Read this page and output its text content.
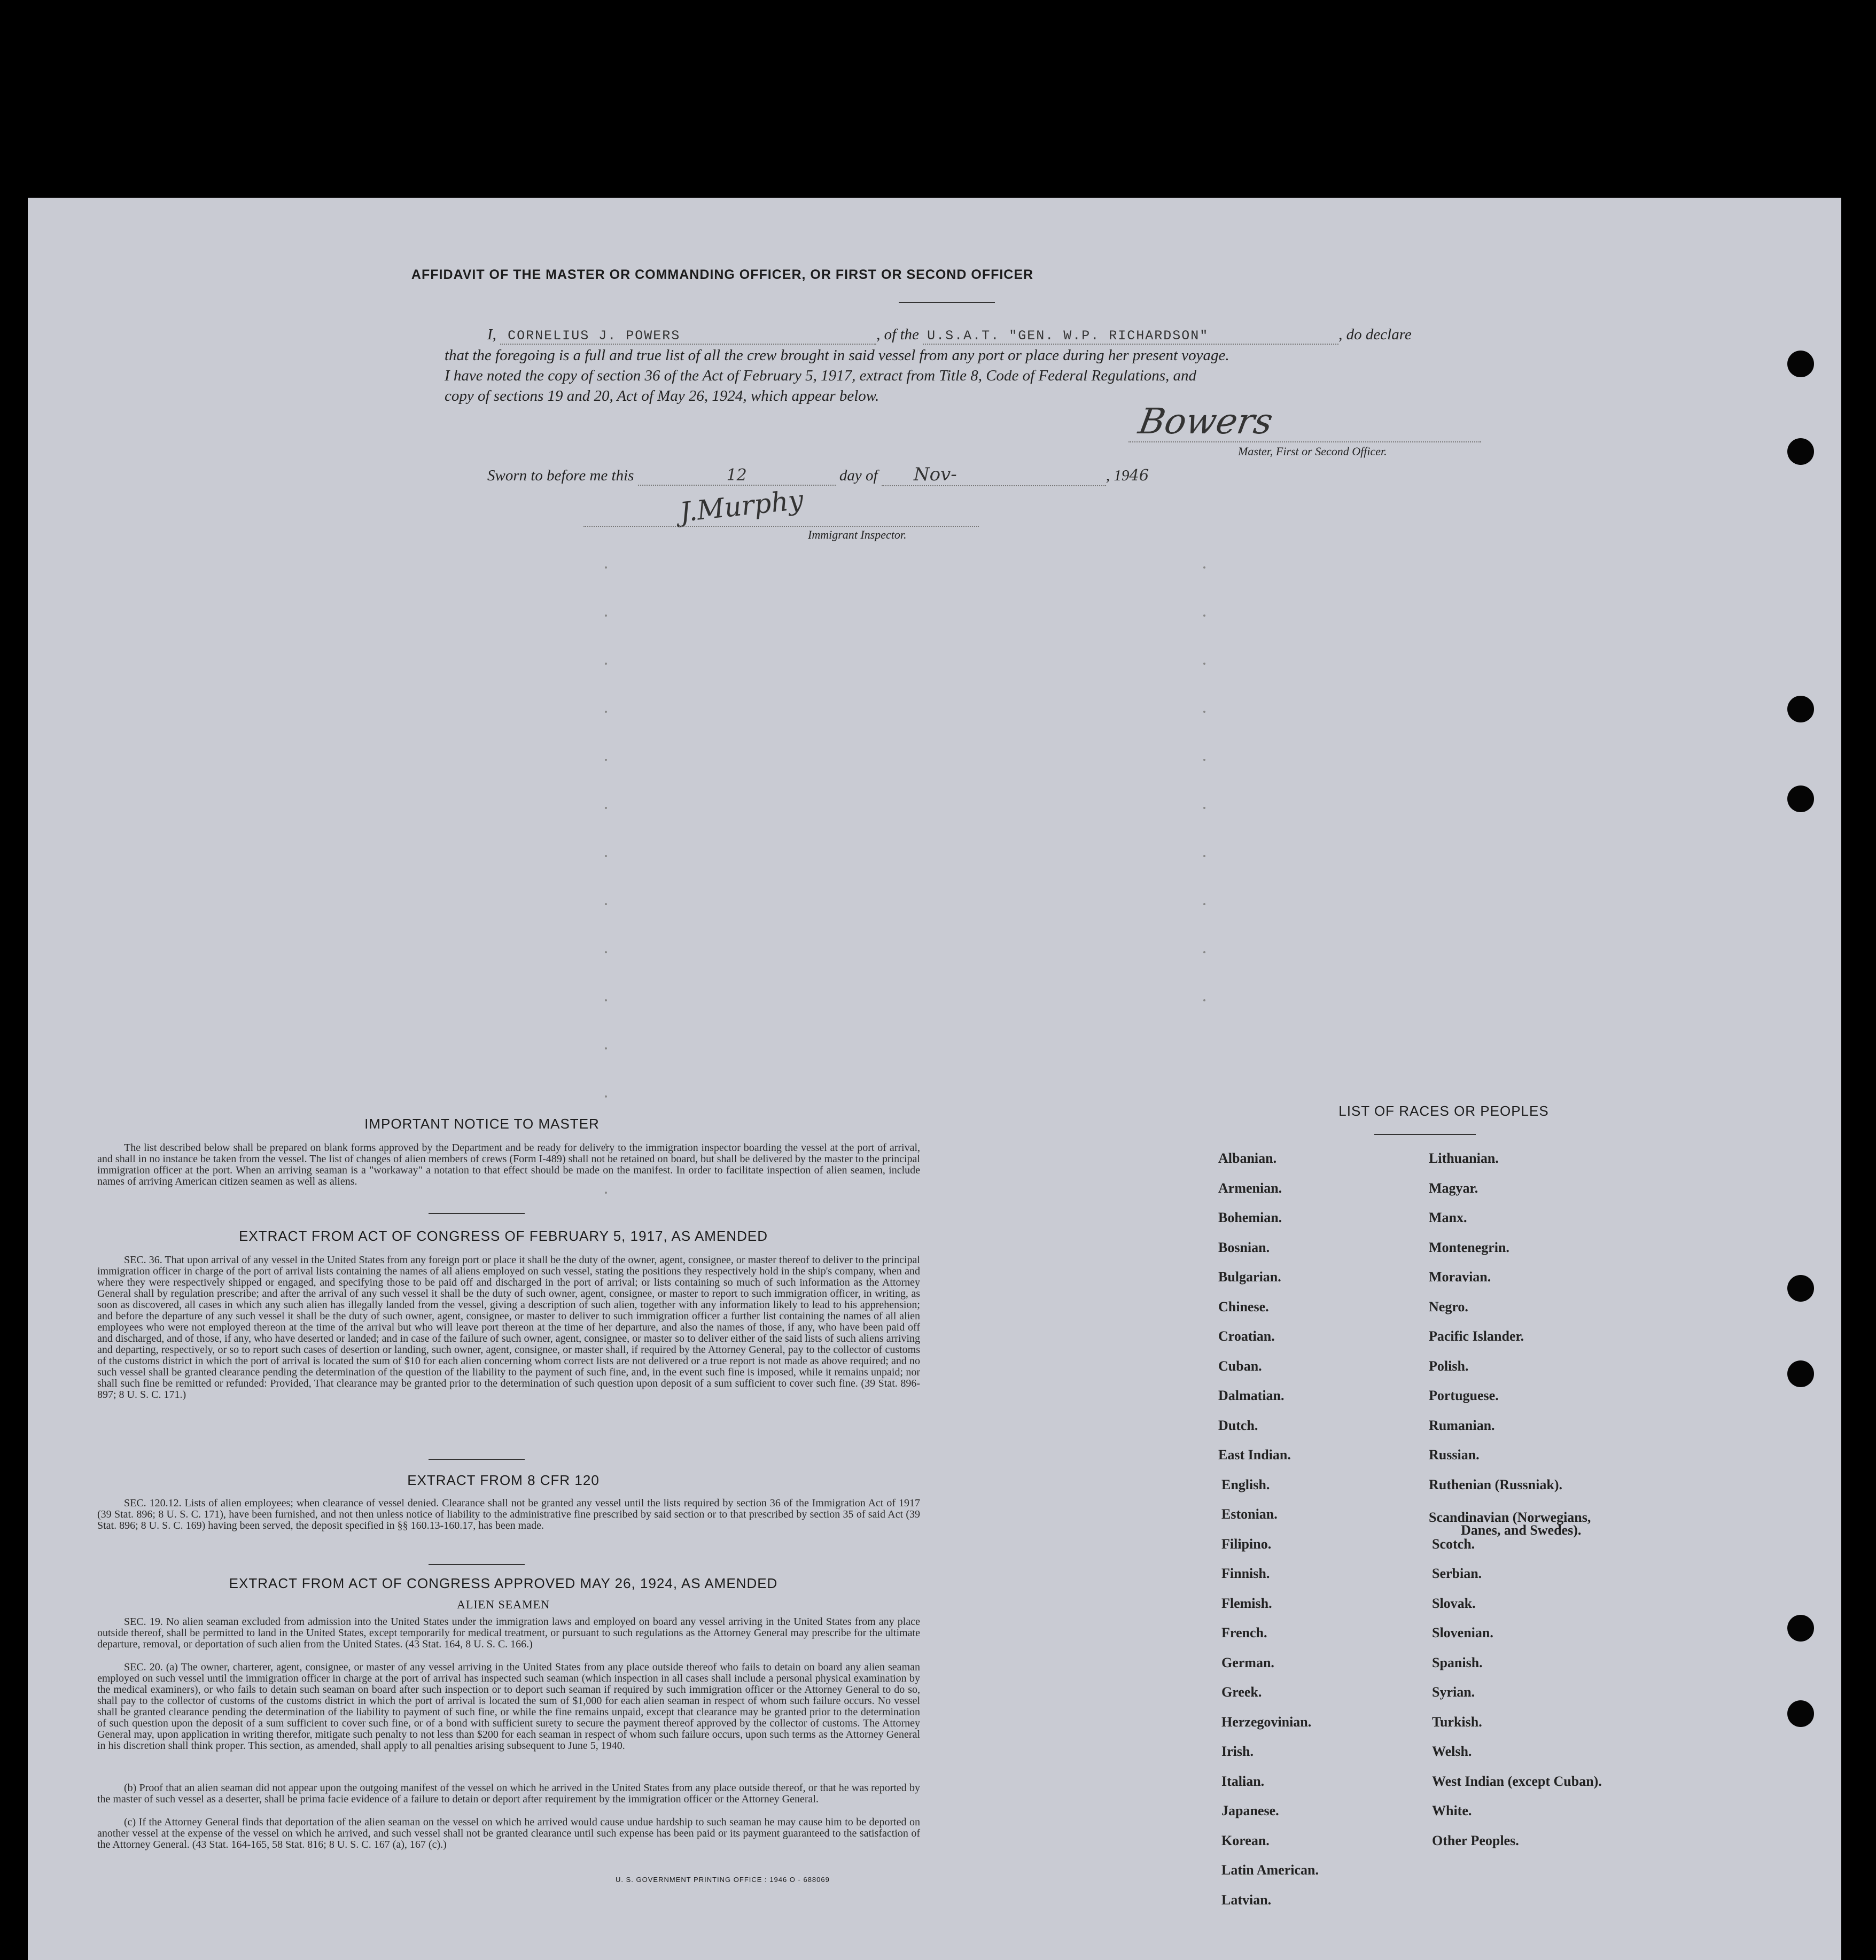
AFFIDAVIT OF THE MASTER OR COMMANDING OFFICER, OR FIRST OR SECOND OFFICER
I, CORNELIUS J. POWERS	, of the U.S.A.T. "GEN. W.P. RICHARDSON"	, do declare
that the foregoing is a full and true list of all the crew brought in said vessel from any port or place during her present voyage.
I have noted the copy of section 36 of the Act of February 5, 1917, extract from Title 8, Code of Federal Regulations, and
copy of sections 19 and 20, Act of May 26, 1924, which appear below.
Bowers
Master, First or Second Officer.
Sworn to before me this	12	day of Nov-	, 1946
J.Murphy
Immigrant Inspector.
IMPORTANT NOTICE TO MASTER
The list described below shall be prepared on blank forms approved by the Department and be ready for delivery to the immigration inspector boarding the vessel at the port of arrival, and shall in no instance be taken from the vessel. The list of changes of alien members of crews (Form I-489) shall not be retained on board, but shall be delivered by the master to the principal immigration officer at the port. When an arriving seaman is a "workaway" a notation to that effect should be made on the manifest. In order to facilitate inspection of alien seamen, include names of arriving American citizen seamen as well as aliens.
EXTRACT FROM ACT OF CONGRESS OF FEBRUARY 5, 1917, AS AMENDED
SEC. 36. That upon arrival of any vessel in the United States from any foreign port or place it shall be the duty of the owner, agent, consignee, or master thereof to deliver to the principal immigration officer in charge of the port of arrival lists containing the names of all aliens employed on such vessel, stating the positions they respectively hold in the ship's company, when and where they were respectively shipped or engaged, and specifying those to be paid off and discharged in the port of arrival; or lists containing so much of such information as the Attorney General shall by regulation prescribe; and after the arrival of any such vessel it shall be the duty of such owner, agent, consignee, or master to report to such immigration officer, in writing, as soon as discovered, all cases in which any such alien has illegally landed from the vessel, giving a description of such alien, together with any information likely to lead to his apprehension; and before the departure of any such vessel it shall be the duty of such owner, agent, consignee, or master to deliver to such immigration officer a further list containing the names of all alien employees who were not employed thereon at the time of the arrival but who will leave port thereon at the time of her departure, and also the names of those, if any, who have been paid off and discharged, and of those, if any, who have deserted or landed; and in case of the failure of such owner, agent, consignee, or master so to deliver either of the said lists of such aliens arriving and departing, respectively, or so to report such cases of desertion or landing, such owner, agent, consignee, or master shall, if required by the Attorney General, pay to the collector of customs of the customs district in which the port of arrival is located the sum of $10 for each alien concerning whom correct lists are not delivered or a true report is not made as above required; and no such vessel shall be granted clearance pending the determination of the question of the liability to the payment of such fine, and, in the event such fine is imposed, while it remains unpaid; nor shall such fine be remitted or refunded: Provided, That clearance may be granted prior to the determination of such question upon deposit of a sum sufficient to cover such fine. (39 Stat. 896-897; 8 U. S. C. 171.)
EXTRACT FROM 8 CFR 120
SEC. 120.12. Lists of alien employees; when clearance of vessel denied. Clearance shall not be granted any vessel until the lists required by section 36 of the Immigration Act of 1917 (39 Stat. 896; 8 U. S. C. 171), have been furnished, and not then unless notice of liability to the administrative fine prescribed by said section or to that prescribed by section 35 of said Act (39 Stat. 896; 8 U. S. C. 169) having been served, the deposit specified in §§ 160.13-160.17, has been made.
EXTRACT FROM ACT OF CONGRESS APPROVED MAY 26, 1924, AS AMENDED
ALIEN SEAMEN
SEC. 19. No alien seaman excluded from admission into the United States under the immigration laws and employed on board any vessel arriving in the United States from any place outside thereof, shall be permitted to land in the United States, except temporarily for medical treatment, or pursuant to such regulations as the Attorney General may prescribe for the ultimate departure, removal, or deportation of such alien from the United States. (43 Stat. 164, 8 U. S. C. 166.)
SEC. 20. (a) The owner, charterer, agent, consignee, or master of any vessel arriving in the United States from any place outside thereof who fails to detain on board any alien seaman employed on such vessel until the immigration officer in charge at the port of arrival has inspected such seaman (which inspection in all cases shall include a personal physical examination by the medical examiners), or who fails to detain such seaman on board after such inspection or to deport such seaman if required by such immigration officer or the Attorney General to do so, shall pay to the collector of customs of the customs district in which the port of arrival is located the sum of $1,000 for each alien seaman in respect of whom such failure occurs. No vessel shall be granted clearance pending the determination of the liability to payment of such fine, or while the fine remains unpaid, except that clearance may be granted prior to the determination of such question upon the deposit of a sum sufficient to cover such fine, or of a bond with sufficient surety to secure the payment thereof approved by the collector of customs. The Attorney General may, upon application in writing therefor, mitigate such penalty to not less than $200 for each seaman in respect of whom such failure occurs, upon such terms as the Attorney General in his discretion shall think proper. This section, as amended, shall apply to all penalties arising subsequent to June 5, 1940.
(b) Proof that an alien seaman did not appear upon the outgoing manifest of the vessel on which he arrived in the United States from any place outside thereof, or that he was reported by the master of such vessel as a deserter, shall be prima facie evidence of a failure to detain or deport after requirement by the immigration officer or the Attorney General.
(c) If the Attorney General finds that deportation of the alien seaman on the vessel on which he arrived would cause undue hardship to such seaman he may cause him to be deported on another vessel at the expense of the vessel on which he arrived, and such vessel shall not be granted clearance until such expense has been paid or its payment guaranteed to the satisfaction of the Attorney General. (43 Stat. 164-165, 58 Stat. 816; 8 U. S. C. 167 (a), 167 (c).)
U. S. GOVERNMENT PRINTING OFFICE : 1946 O - 688069
LIST OF RACES OR PEOPLES
Albanian.
Armenian.
Bohemian.
Bosnian.
Bulgarian.
Chinese.
Croatian.
Cuban.
Dalmatian.
Dutch.
East Indian.
English.
Estonian.
Filipino.
Finnish.
Flemish.
French.
German.
Greek.
Herzegovinian.
Irish.
Italian.
Japanese.
Korean.
Latin American.
Latvian.
Lithuanian.
Magyar.
Manx.
Montenegrin.
Moravian.
Negro.
Pacific Islander.
Polish.
Portuguese.
Rumanian.
Russian.
Ruthenian (Russniak).
Scandinavian (Norwegians,
Danes, and Swedes).
Scotch.
Serbian.
Slovak.
Slovenian.
Spanish.
Syrian.
Turkish.
Welsh.
West Indian (except Cuban).
White.
Other Peoples.
